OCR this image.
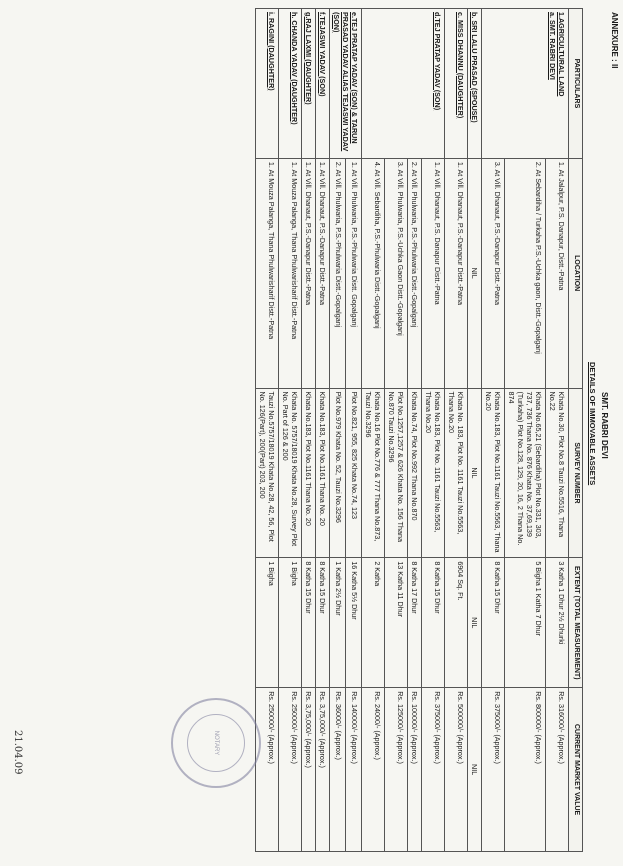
ANNEXURE : II
SMT. RABRI DEVI
DETAILS OF IMMOVABLE ASSETS
PARTICULARS	LOCATION	SURVEY NUMBER	EXTENT (TOTAL MEASUREMENT)	CURRENT MARKET VALUE

1.AGRICULTURAL LAND
a. SMT. RABRI DEVI	1. At Jalalpur, P.S. Danapur, Distt.-Patna	Khata No.30, Plot No.8 Tauzi No.5516, Thana No.22	3 Katha 1 Dhur 2½ Dhurki	Rs. 316000/- (Approx.)
	2. At Sebardiha / Turkaha P.S.-Uchka gaon, Distt.-Gopalganj	Khata No.65,21 (Sebardiha) Plot No.331, 303, 737, 736 Thana No. 876 Khata No. 37,69,139 (Turkaha) Plot No.128, 129, 20, 16, 2 Thana No. 874	5 Bigha 1 Katha 7 Dhur	Rs. 800000/- (Approx.)
	3. At Vill. Dhanaut, P.S.-Danapur Distt.-Patna	Khata No.183, Plot No.1161 Tauzi No.5563, Thana No.20	8 Katha 15 Dhur	Rs. 375000/- (Approx.)
b. SRI LALU PRASAD (SPOUSE)	NIL	NIL	NIL	NIL
c. MISS DHANNU (DAUGHTER)	1. At Vill. Dhanaut, P.S.-Danapur Distt.-Patna	Khata No. 183, Plot No. 1161 Tauzi No.5563, Thana No.20	6904 Sq. Ft.	Rs. 500000/- (Approx.)
d.TEJ PRATAP YADAV (SON)	1. At Vill. Dhanaut, P.S. Danapur Distt.-Patna	Khata No.183, Plot No. 1161 Tauzi No.5563, Thana No.20	8 Katha 15 Dhur	Rs. 375000/- (Approx.)
	2. At Vill. Phulwaria, P.S.-Phulwaria Distt.-Gopalganj	Khata No.74, Plot No.992 Thana No.870	8 Katha 17 Dhur	Rs. 100000/- (Approx.)
	3. At Vill. Phulwaria, P.S.-Uchka Gaon Distt.-Gopalganj	Plot No.1257,1257 & 626 Khata No. 156 Thana No.870 Tauzi No.3296	13 Katha 11 Dhur	Rs. 125000/- (Approx.)
	4. At Vill. Sebardiha, P.S.-Phulwaria Distt.-Gopalganj	Khata No.16 Plot No.776 & 777 Thana No.873, Tauzi No.3296	2 Katha	Rs. 24000/- (Approx.)
e.TEJ PRATAP YADAV (SON) & TARUN PRASAD YADAV ALIAS TEJASWI YADAV (SON)	1. At Vill. Phulwaria, P.S.-Phulwaria Distt. Gopalganj	Plot No.821, 955, 825 Khata No.74, 123	16 Katha 5½ Dhur	Rs. 140000/- (Approx.)
	2. At Vill. Phulwaria, P.S.-Phulwaria Distt.-Gopalganj	Plot No.979 Khata No. 52, Tauzi No.3296	1 Katha 2½ Dhur	Rs. 36000/- (Approx.)
f.TEJASWI YADAV (SON)	1. At Vill. Dhanaut, P.S.-Danapur Distt.-Patna	Khata No.183, Plot No.1161 Thana No. 20	8 Katha 15 Dhur	Rs. 3,75,000/- (Approx.)
g.RAJ LAXMI (DAUGHTER)	1. At Vill. Dhanaut, P.S.-Danapur Distt.-Patna	Khata No.183, Plot No.1161 Thana No. 20	8 Katha 15 Dhur	Rs. 3,75,000/- (Approx.)
h. CHANDA YADAV (DAUGHTER)	1. At Mouza Palanga, Thana Phulwarisharif Distt.-Patna	Khata No. 5757/18019 Khata No.28, Survey Plot No. Part of 126 & 200	1 Bigha	Rs. 250000/- (Approx.)
i. RAGINI (DAUGHTER)	1. At Mouza Palanga, Thana Phulwarisharif Distt.-Patna	Tauzi No.5757/18019 Khata No.28, 42, 56, Plot No. 126(Part), 200(Part) 203, 200	1 Bigha	Rs. 250000/- (Approx.)
NOTARY
21.04.09
